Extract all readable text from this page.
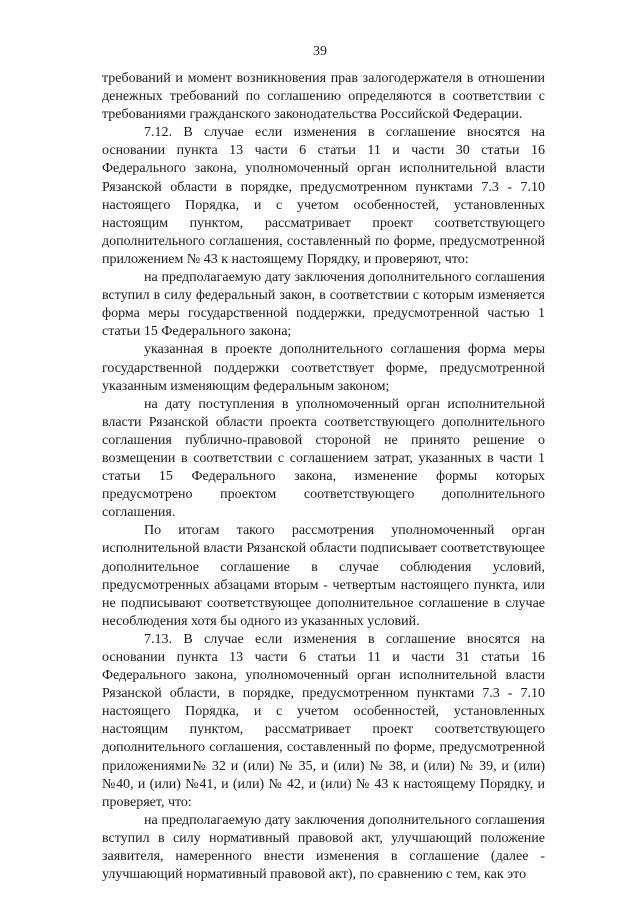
39

требований и момент возникновения прав залогодержателя в отношении денежных требований по соглашению определяются в соответствии с требованиями гражданского законодательства Российской Федерации.

7.12. В случае если изменения в соглашение вносятся на основании пункта 13 части 6 статьи 11 и части 30 статьи 16 Федерального закона, уполномоченный орган исполнительной власти Рязанской области в порядке, предусмотренном пунктами 7.3 - 7.10 настоящего Порядка, и с учетом особенностей, установленных настоящим пунктом, рассматривает проект соответствующего дополнительного соглашения, составленный по форме, предусмотренной приложением № 43 к настоящему Порядку, и проверяют, что:

на предполагаемую дату заключения дополнительного соглашения вступил в силу федеральный закон, в соответствии с которым изменяется форма меры государственной поддержки, предусмотренной частью 1 статьи 15 Федерального закона;

указанная в проекте дополнительного соглашения форма меры государственной поддержки соответствует форме, предусмотренной указанным изменяющим федеральным законом;

на дату поступления в уполномоченный орган исполнительной власти Рязанской области проекта соответствующего дополнительного соглашения публично-правовой стороной не принято решение о возмещении в соответствии с соглашением затрат, указанных в части 1 статьи 15 Федерального закона, изменение формы которых предусмотрено проектом соответствующего дополнительного соглашения.

По итогам такого рассмотрения уполномоченный орган исполнительной власти Рязанской области подписывает соответствующее дополнительное соглашение в случае соблюдения условий, предусмотренных абзацами вторым - четвертым настоящего пункта, или не подписывают соответствующее дополнительное соглашение в случае несоблюдения хотя бы одного из указанных условий.

7.13. В случае если изменения в соглашение вносятся на основании пункта 13 части 6 статьи 11 и части 31 статьи 16 Федерального закона, уполномоченный орган исполнительной власти Рязанской области, в порядке, предусмотренном пунктами 7.3 - 7.10 настоящего Порядка, и с учетом особенностей, установленных настоящим пунктом, рассматривает проект соответствующего дополнительного соглашения, составленный по форме, предусмотренной приложениями№ 32 и (или) № 35, и (или) № 38, и (или) № 39, и (или) №40, и (или) №41, и (или) № 42, и (или) № 43 к настоящему Порядку, и проверяет, что:

на предполагаемую дату заключения дополнительного соглашения вступил в силу нормативный правовой акт, улучшающий положение заявителя, намеренного внести изменения в соглашение (далее - улучшающий нормативный правовой акт), по сравнению с тем, как это
